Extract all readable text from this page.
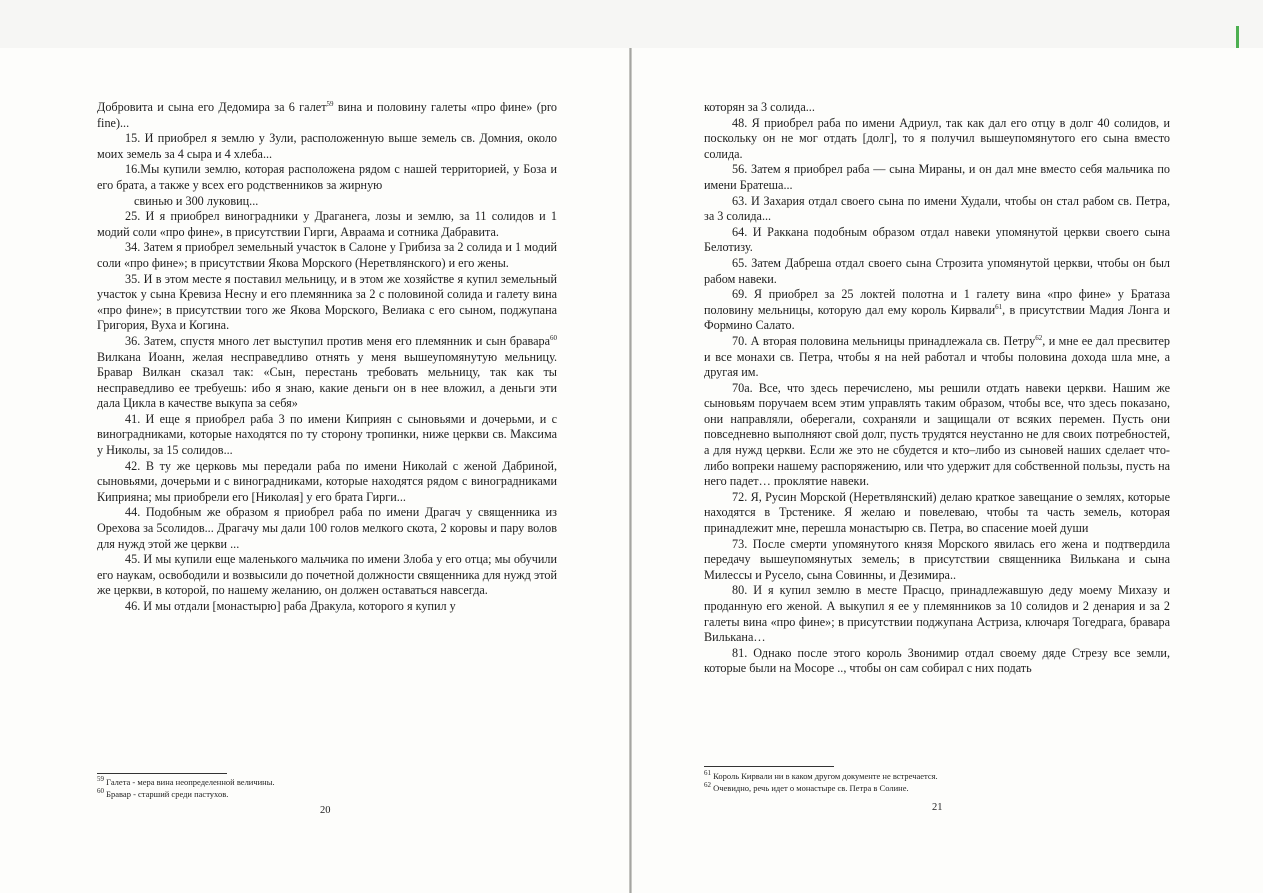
Добровита и сына его Дедомира за 6 галет$^{59}$ вина и половину галеты «про фине» (pro fine)...

15. И приобрел я землю у Зули, расположенную выше земель св. Домния, около моих земель за 4 сыра и 4 хлеба...

16.Мы купили землю, которая расположена рядом с нашей территорией, у Боза и его брата, а также у всех его родственников за жирную

свинью и 300 луковиц...

25. И я приобрел виноградники у Драганега, лозы и землю, за 11 солидов и 1 модий соли «про фине», в присутствии Гирги, Авраама и сотника Дабравита.

34. Затем я приобрел земельный участок в Салоне у Грибиза за 2 солида и 1 модий соли «про фине»; в присутствии Якова Морского (Неретвлянского) и его жены.

35. И в этом месте я поставил мельницу, и в этом же хозяйстве я купил земельный участок у сына Кревиза Несну и его племянника за 2 с половиной солида и галету вина «про фине»; в присутствии того же Якова Морского, Велиака с его сыном, поджупана Григория, Вуха и Когина.

36. Затем, спустя много лет выступил против меня его племянник и сын бравара$^{60}$ Вилкана Иоанн, желая несправедливо отнять у меня вышеупомянутую мельницу. Бравар Вилкан сказал так: «Сын, перестань требовать мельницу, так как ты несправедливо ее требуешь: ибо я знаю, какие деньги он в нее вложил, а деньги эти дала Цикла в качестве выкупа за себя»

41. И еще я приобрел раба 3 по имени Киприян с сыновьями и дочерьми, и с виноградниками, которые находятся по ту сторону тропинки, ниже церкви св. Максима у Николы, за 15 солидов...

42. В ту же церковь мы передали раба по имени Николай с женой Дабриной, сыновьями, дочерьми и с виноградниками, которые находятся рядом с виноградниками Киприяна; мы приобрели его [Николая] у его брата Гирги...

44. Подобным же образом я приобрел раба по имени Драгач у священника из Орехова за 5солидов... Драгачу мы дали 100 голов мелкого скота, 2 коровы и пару волов для нужд этой же церкви ...

45. И мы купили еще маленького мальчика по имени Злоба у его отца; мы обучили его наукам, освободили и возвысили до почетной должности священника для нужд этой же церкви, в которой, по нашему желанию, он должен оставаться навсегда.

46. И мы отдали [монастырю] раба Дракула, которого я купил у

$^{59}$ Галета - мера вина неопределенной величины.

$^{60}$ Бравар - старший среди пастухов.

20

которян за 3 солида...

48. Я приобрел раба по имени Адриул, так как дал его отцу в долг 40 солидов, и поскольку он не мог отдать [долг], то я получил вышеупомянутого его сына вместо солида.

56. Затем я приобрел раба — сына Мираны, и он дал мне вместо себя мальчика по имени Братеша...

63. И Захария отдал своего сына по имени Худали, чтобы он стал рабом св. Петра, за 3 солида...

64. И Раккана подобным образом отдал навеки упомянутой церкви своего сына Белотизу.

65. Затем Дабреша отдал своего сына Строзита упомянутой церкви, чтобы он был рабом навеки.

69. Я приобрел за 25 локтей полотна и 1 галету вина «про фине» у Братаза половину мельницы, которую дал ему король Кирвали$^{61}$, в присутствии Мадия Лонга и Формино Салато.

70. А вторая половина мельницы принадлежала св. Петру$^{62}$, и мне ее дал пресвитер и все монахи св. Петра, чтобы я на ней работал и чтобы половина дохода шла мне, а другая им.

70а. Все, что здесь перечислено, мы решили отдать навеки церкви. Нашим же сыновьям поручаем всем этим управлять таким образом, чтобы все, что здесь показано, они направляли, оберегали, сохраняли и защищали от всяких перемен. Пусть они повседневно выполняют свой долг, пусть трудятся неустанно не для своих потребностей, а для нужд церкви. Если же это не сбудется и кто–либо из сыновей наших сделает что-либо вопреки нашему распоряжению, или что удержит для собственной пользы, пусть на него падет… проклятие навеки.

72. Я, Русин Морской (Неретвлянский) делаю краткое завещание о землях, которые находятся в Трстенике. Я желаю и повелеваю, чтобы та часть земель, которая принадлежит мне, перешла монастырю св. Петра, во спасение моей души

73. После смерти упомянутого князя Морского явилась его жена и подтвердила передачу вышеупомянутых земель; в присутствии священника Вилькана и сына Милессы и Русело, сына Совинны, и Дезимира..

80. И я купил землю в месте Прасцо, принадлежавшую деду моему Михазу и проданную его женой. А выкупил я ее у племянников за 10 солидов и 2 денария и за 2 галеты вина «про фине»; в присутствии поджупана Астриза, ключаря Тогедрага, бравара Вилькана…

81. Однако после этого король Звонимир отдал своему дяде Стрезу все земли, которые были на Мосоре .., чтобы он сам собирал с них подать

$^{61}$ Король Кирвали ни в каком другом документе не встречается.

$^{62}$ Очевидно, речь идет о монастыре св. Петра в Солине.

21
